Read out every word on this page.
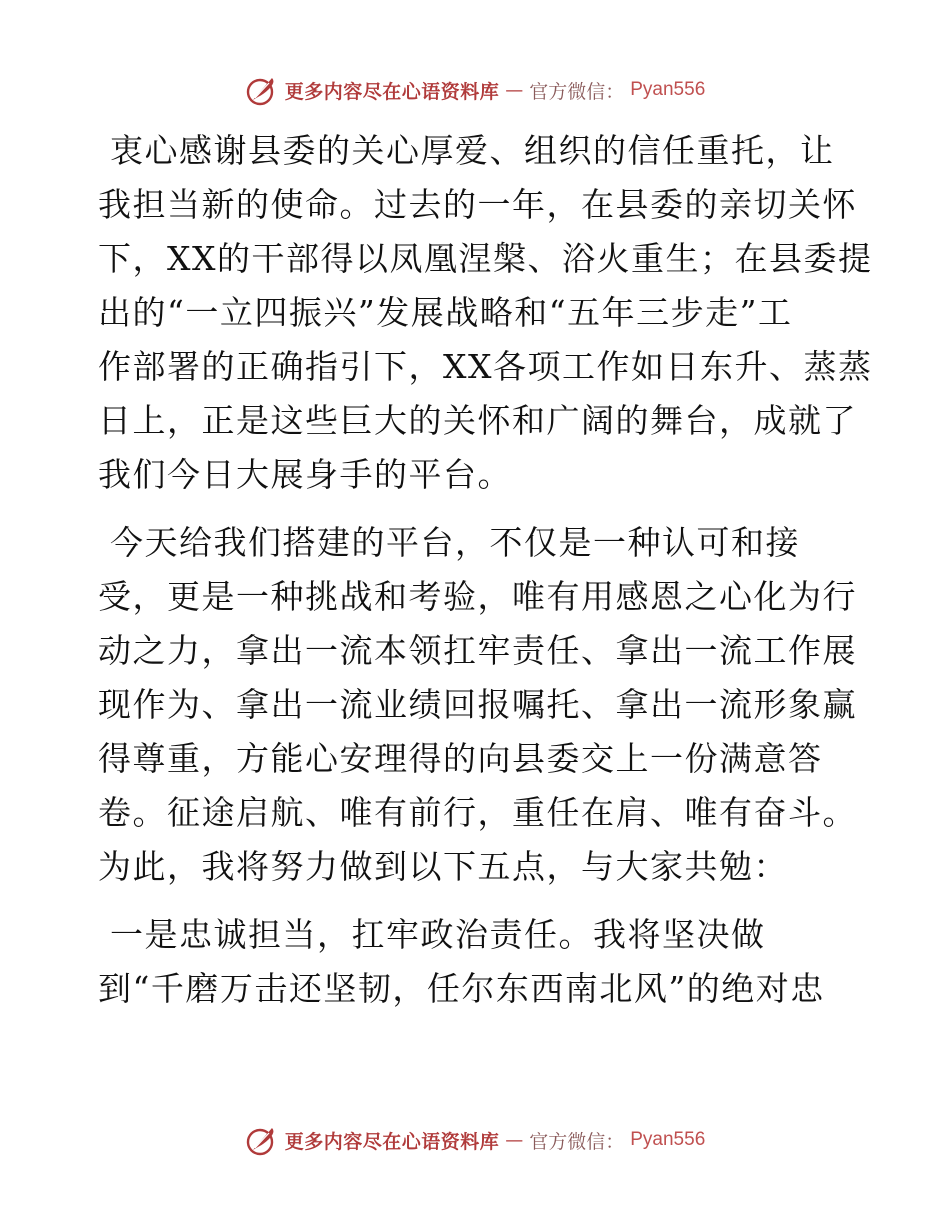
更多内容尽在心语资料库 — 官方微信： Pyan556
衷心感谢县委的关心厚爱、组织的信任重托，让
我担当新的使命。过去的一年，在县委的亲切关怀
下，XX的干部得以凤凰涅槃、浴火重生；在县委提
出的“一立四振兴”发展战略和“五年三步走”工
作部署的正确指引下，XX各项工作如日东升、蒸蒸
日上，正是这些巨大的关怀和广阔的舞台，成就了
我们今日大展身手的平台。
今天给我们搭建的平台，不仅是一种认可和接
受，更是一种挑战和考验，唯有用感恩之心化为行
动之力，拿出一流本领扛牢责任、拿出一流工作展
现作为、拿出一流业绩回报嘱托、拿出一流形象赢
得尊重，方能心安理得的向县委交上一份满意答
卷。征途启航、唯有前行，重任在肩、唯有奋斗。
为此，我将努力做到以下五点，与大家共勉：
一是忠诚担当，扛牢政治责任。我将坚决做
到“千磨万击还坚韧，任尔东西南北风”的绝对忠
更多内容尽在心语资料库 — 官方微信： Pyan556
